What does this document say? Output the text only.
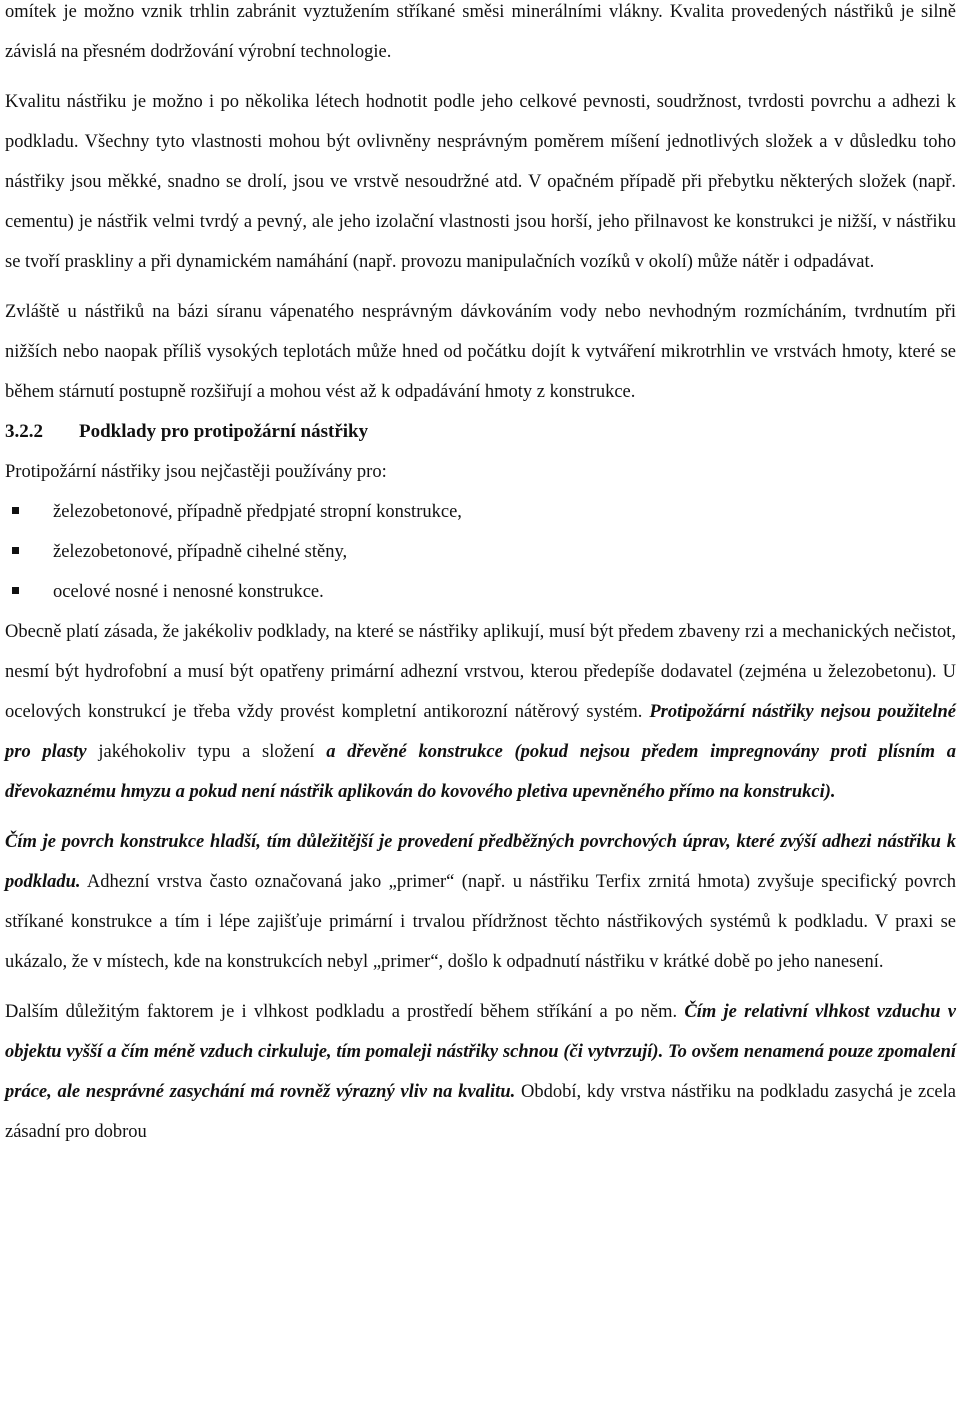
omítek je možno vznik trhlin zabránit vyztužením stříkané směsi minerálními vlákny. Kvalita provedených nástřiků je silně závislá na přesném dodržování výrobní technologie.

Kvalitu nástřiku je možno i po několika létech hodnotit podle jeho celkové pevnosti, soudržnost, tvrdosti povrchu a adhezi k podkladu. Všechny tyto vlastnosti mohou být ovlivněny nesprávným poměrem míšení jednotlivých složek a v důsledku toho nástřiky jsou měkké, snadno se drolí, jsou ve vrstvě nesoudržné atd. V opačném případě při přebytku některých složek (např. cementu) je nástřik velmi tvrdý a pevný, ale jeho izolační vlastnosti jsou horší, jeho přilnavost ke konstrukci je nižší, v nástřiku se tvoří praskliny a při dynamickém namáhání (např. provozu manipulačních vozíků v okolí) může nátěr i odpadávat.

Zvláště u nástřiků na bázi síranu vápenatého nesprávným dávkováním vody nebo nevhodným rozmícháním, tvrdnutím při nižších nebo naopak příliš vysokých teplotách může hned od počátku dojít k vytváření mikrotrhlin ve vrstvách hmoty, které se během stárnutí postupně rozšiřují a mohou vést až k odpadávání hmoty z konstrukce.

3.2.2 Podklady pro protipožární nástřiky

Protipožární nástřiky jsou nejčastěji používány pro:

železobetonové, případně předpjaté stropní konstrukce,
železobetonové, případně cihelné stěny,
ocelové nosné i nenosné konstrukce.

Obecně platí zásada, že jakékoliv podklady, na které se nástřiky aplikují, musí být předem zbaveny rzi a mechanických nečistot, nesmí být hydrofobní a musí být opatřeny primární adhezní vrstvou, kterou předepíše dodavatel (zejména u železobetonu). U ocelových konstrukcí je třeba vždy provést kompletní antikorozní nátěrový systém. Protipožární nástřiky nejsou použitelné pro plasty jakéhokoliv typu a složení a dřevěné konstrukce (pokud nejsou předem impregnovány proti plísním a dřevokaznému hmyzu a pokud není nástřik aplikován do kovového pletiva upevněného přímo na konstrukci).

Čím je povrch konstrukce hladší, tím důležitější je provedení předběžných povrchových úprav, které zvýší adhezi nástřiku k podkladu. Adhezní vrstva často označovaná jako „primer“ (např. u nástřiku Terfix zrnitá hmota) zvyšuje specifický povrch stříkané konstrukce a tím i lépe zajišťuje primární i trvalou přídržnost těchto nástřikových systémů k podkladu. V praxi se ukázalo, že v místech, kde na konstrukcích nebyl „primer“, došlo k odpadnutí nástřiku v krátké době po jeho nanesení.

Dalším důležitým faktorem je i vlhkost podkladu a prostředí během stříkání a po něm. Čím je relativní vlhkost vzduchu v objektu vyšší a čím méně vzduch cirkuluje, tím pomaleji nástřiky schnou (či vytvrzují). To ovšem nenamená pouze zpomalení práce, ale nesprávné zasychání má rovněž výrazný vliv na kvalitu. Období, kdy vrstva nástřiku na podkladu zasychá je zcela zásadní pro dobrou
